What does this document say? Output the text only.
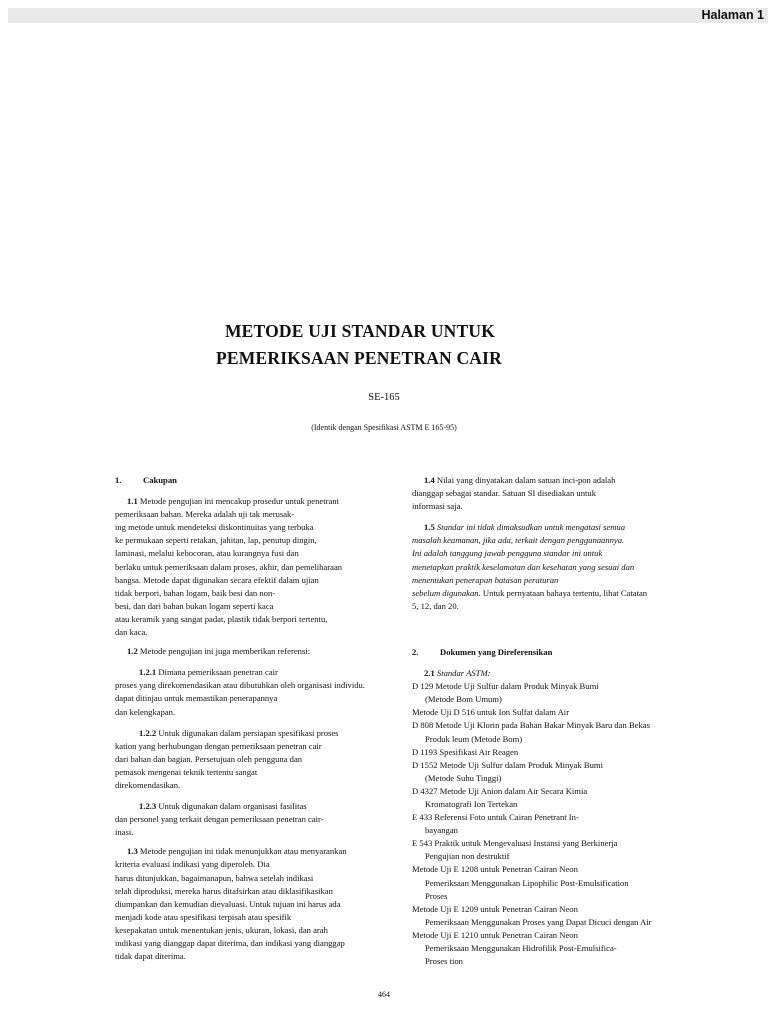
Halaman 1
METODE UJI STANDAR UNTUK
PEMERIKSAAN PENETRAN CAIR
SE-165
(Identik dengan Spesifikasi ASTM E 165-95)
1.	Cakupan
1.1 Metode pengujian ini mencakup prosedur untuk penetrant
pemeriksaan bahan. Mereka adalah uji tak merusak-
ing metode untuk mendeteksi diskontinuitas yang terbuka
ke permukaan seperti retakan, jahitan, lap, penutup dingin,
laminasi, melalui kebocoran, atau kurangnya fusi dan
berlaku untuk pemeriksaan dalam proses, akhir, dan pemeliharaan
bangsa. Metode dapat digunakan secara efektif dalam ujian
tidak berpori, bahan logam, baik besi dan non-
besi, dan dari bahan bukan logam seperti kaca
atau keramik yang sangat padat, plastik tidak berpori tertentu,
dan kaca.
1.2 Metode pengujian ini juga memberikan referensi:
1.2.1 Dimana pemeriksaan penetran cair
proses yang direkomendasikan atau dibutuhkan oleh organisasi individu.
dapat ditinjau untuk memastikan penerapannya
dan kelengkapan.
1.2.2 Untuk digunakan dalam persiapan spesifikasi proses
kation yang berhubungan dengan pemeriksaan penetran cair
dari bahan dan bagian. Persetujuan oleh pengguna dan
pemasok mengenai teknik tertentu sangat
direkomendasikan.
1.2.3 Untuk digunakan dalam organisasi fasilitas
dan personel yang terkait dengan pemeriksaan penetran cair-
inasi.
1.3 Metode pengujian ini tidak menunjukkan atau menyarankan
kriteria evaluasi indikasi yang diperoleh. Dia
harus ditunjukkan, bagaimanapun, bahwa setelah indikasi
telah diproduksi, mereka harus ditafsirkan atau diklasifikasikan
diumpankan dan kemudian dievaluasi. Untuk tujuan ini harus ada
menjadi kode atau spesifikasi terpisah atau spesifik
kesepakatan untuk menentukan jenis, ukuran, lokasi, dan arah
indikasi yang dianggap dapat diterima, dan indikasi yang dianggap
tidak dapat diterima.
1.4 Nilai yang dinyatakan dalam satuan inci-pon adalah
dianggap sebagai standar. Satuan SI disediakan untuk
informasi saja.
1.5 Standar ini tidak dimaksudkan untuk mengatasi semua
masalah keamanan, jika ada, terkait dengan penggunaannya.
Ini adalah tanggung jawab pengguna standar ini untuk
menetapkan praktik keselamatan dan kesehatan yang sesuai dan
menentukan penerapan batasan peraturan
sebelum digunakan. Untuk pernyataan bahaya tertentu, lihat Catatan
5, 12, dan 20.
2.	Dokumen yang Direferensikan
2.1 Standar ASTM:
D 129 Metode Uji Sulfur dalam Produk Minyak Bumi
(Metode Bom Umum)
Metode Uji D 516 untuk Ion Sulfat dalam Air
D 808 Metode Uji Klorin pada Bahan Bakar Minyak Baru dan Bekas
Produk leum (Metode Bom)
D 1193 Spesifikasi Air Reagen
D 1552 Metode Uji Sulfur dalam Produk Minyak Bumi
(Metode Suhu Tinggi)
D 4327 Metode Uji Anion dalam Air Secara Kimia
Kromatografi Ion Tertekan
E 433 Referensi Foto untuk Cairan Penetrant In-
bayangan
E 543 Praktik untuk Mengevaluasi Instansi yang Berkinerja
Pengujian non destruktif
Metode Uji E 1208 untuk Penetran Cairan Neon
Pemeriksaan Menggunakan Lipophilic Post-Emulsification
Proses
Metode Uji E 1209 untuk Penetran Cairan Neon
Pemeriksaan Menggunakan Proses yang Dapat Dicuci dengan Air
Metode Uji E 1210 untuk Penetran Cairan Neon
Pemeriksaan Menggunakan Hidrofilik Post-Emulsifica-
Proses tion
464
